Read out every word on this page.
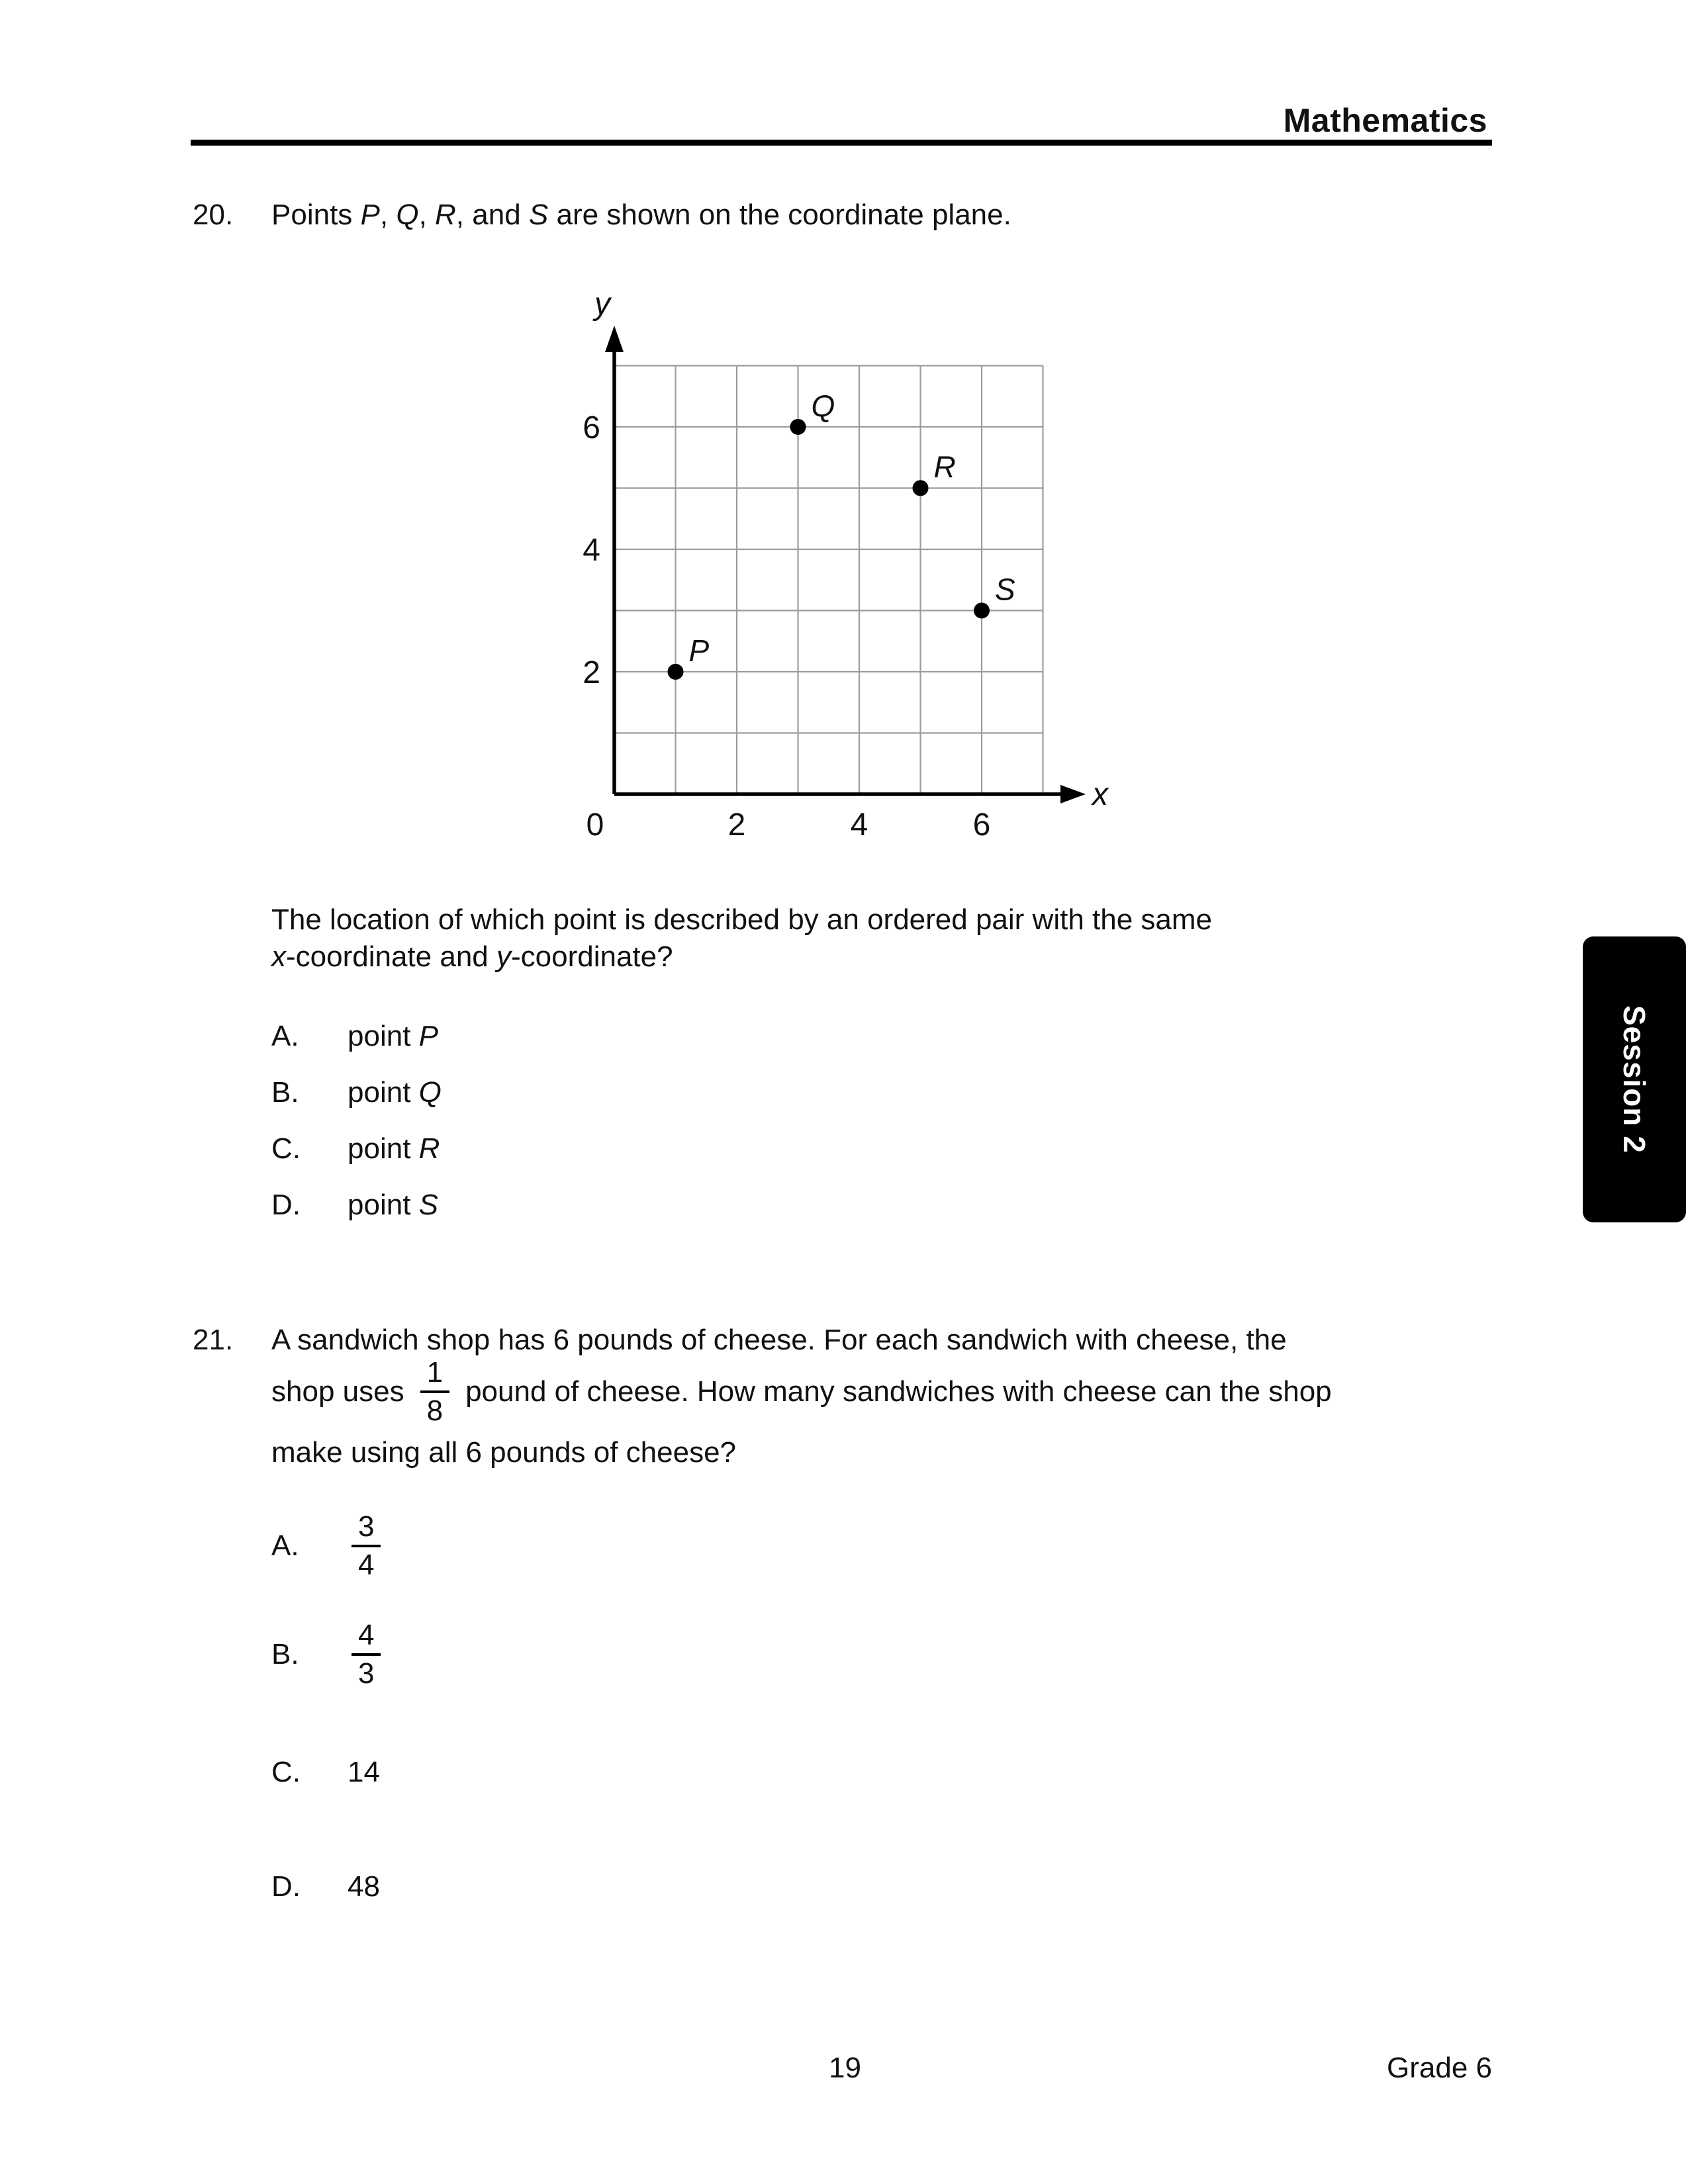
Mathematics
20. Points P, Q, R, and S are shown on the coordinate plane.
y
x
2
4
6
2	4	6
0
P
Q
R
S
The location of which point is described by an ordered pair with the same
x-coordinate and y-coordinate?
A.	point P
B.	point Q
C.	point R
D.	point S
21. A sandwich shop has 6 pounds of cheese. For each sandwich with cheese, the
shop uses $\frac{1}{8}$ pound of cheese. How many sandwiches with cheese can the shop
make using all 6 pounds of cheese?
A.	$\frac{3}{4}$
B.	$\frac{4}{3}$
C.	14
D.	48
Session 2
19	Grade 6
